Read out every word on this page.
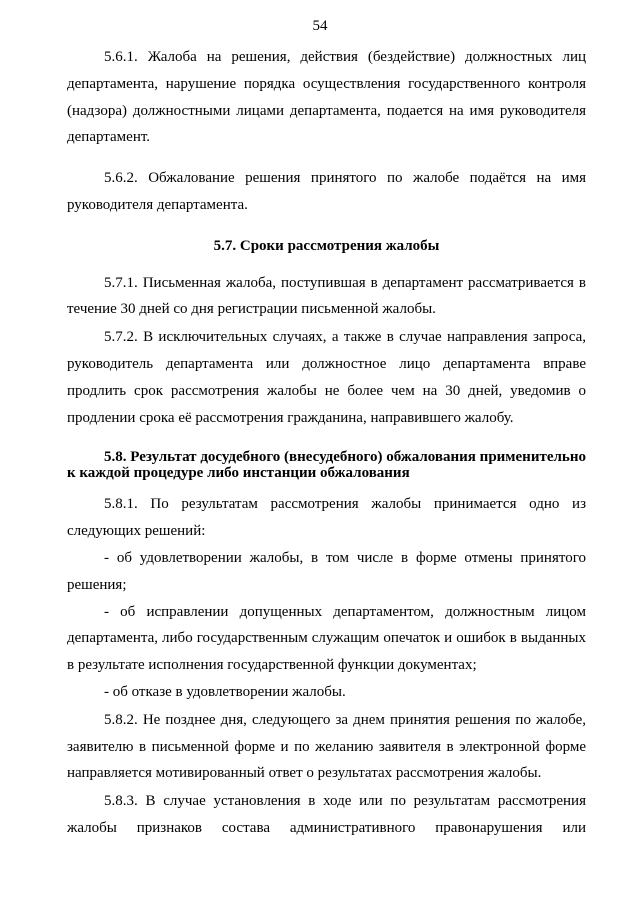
54

5.6.1. Жалоба на решения, действия (бездействие) должностных лиц департамента, нарушение порядка осуществления государственного контроля (надзора) должностными лицами департамента, подается на имя руководителя департамент.

5.6.2. Обжалование решения принятого по жалобе подаётся на имя руководителя департамента.

5.7. Сроки рассмотрения жалобы

5.7.1. Письменная жалоба, поступившая в департамент рассматривается в течение 30 дней со дня регистрации письменной жалобы.

5.7.2. В исключительных случаях, а также в случае направления запроса, руководитель департамента или должностное лицо департамента вправе продлить срок рассмотрения жалобы не более чем на 30 дней, уведомив о продлении срока её рассмотрения гражданина, направившего жалобу.

5.8. Результат досудебного (внесудебного) обжалования применительно к каждой процедуре либо инстанции обжалования

5.8.1. По результатам рассмотрения жалобы принимается одно из следующих решений:

- об удовлетворении жалобы, в том числе в форме отмены принятого решения;

- об исправлении допущенных департаментом, должностным лицом департамента, либо государственным служащим опечаток и ошибок в выданных в результате исполнения государственной функции документах;

- об отказе в удовлетворении жалобы.

5.8.2. Не позднее дня, следующего за днем принятия решения по жалобе, заявителю в письменной форме и по желанию заявителя в электронной форме направляется мотивированный ответ о результатах рассмотрения жалобы.

5.8.3. В случае установления в ходе или по результатам рассмотрения жалобы признаков состава административного правонарушения или
